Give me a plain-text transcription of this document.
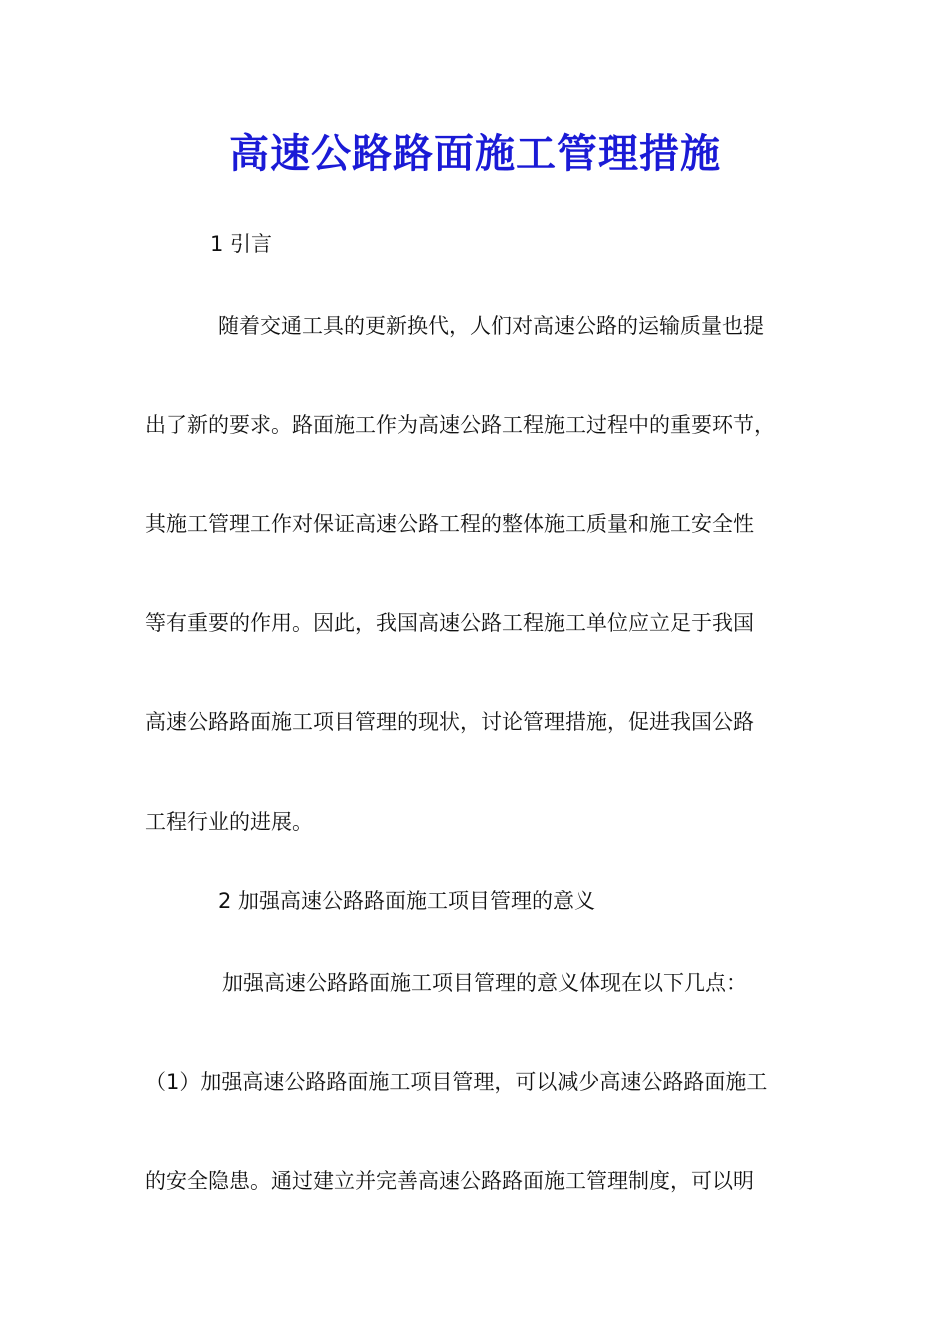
高速公路路面施工管理措施
1 引言
随着交通工具的更新换代，人们对高速公路的运输质量也提
出了新的要求。路面施工作为高速公路工程施工过程中的重要环节，
其施工管理工作对保证高速公路工程的整体施工质量和施工安全性
等有重要的作用。因此，我国高速公路工程施工单位应立足于我国
高速公路路面施工项目管理的现状，讨论管理措施，促进我国公路
工程行业的进展。
2 加强高速公路路面施工项目管理的意义
加强高速公路路面施工项目管理的意义体现在以下几点：
（1）加强高速公路路面施工项目管理，可以减少高速公路路面施工
的安全隐患。通过建立并完善高速公路路面施工管理制度，可以明
